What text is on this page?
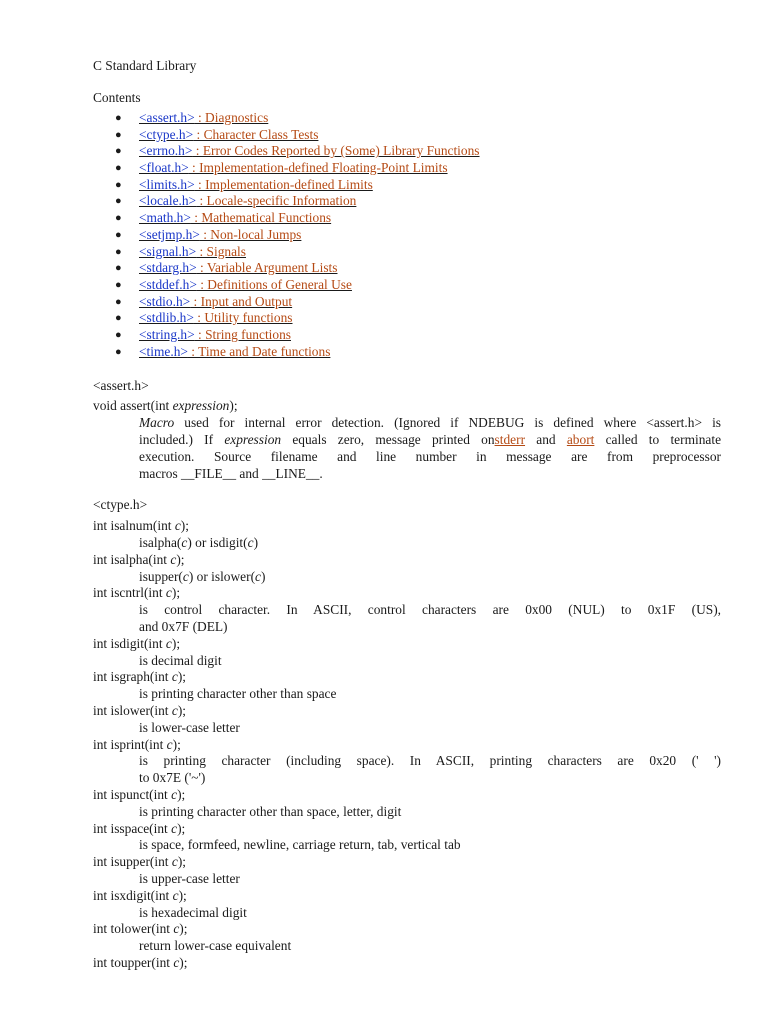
C Standard Library

Contents

● <assert.h> : Diagnostics
● <ctype.h> : Character Class Tests
● <errno.h> : Error Codes Reported by (Some) Library Functions
● <float.h> : Implementation-defined Floating-Point Limits
● <limits.h> : Implementation-defined Limits
● <locale.h> : Locale-specific Information
● <math.h> : Mathematical Functions
● <setjmp.h> : Non-local Jumps
● <signal.h> : Signals
● <stdarg.h> : Variable Argument Lists
● <stddef.h> : Definitions of General Use
● <stdio.h> : Input and Output
● <stdlib.h> : Utility functions
● <string.h> : String functions
● <time.h> : Time and Date functions

<assert.h>

void assert(int expression);

Macro used for internal error detection. (Ignored if NDEBUG is defined where <assert.h> is

included.) If expression equals zero, message printed onstderr and abort called to terminate

execution. Source filename and line number in message are from preprocessor

macros __FILE__ and __LINE__.

<ctype.h>

int isalnum(int c);

isalpha(c) or isdigit(c)

int isalpha(int c);

isupper(c) or islower(c)

int iscntrl(int c);

is control character. In ASCII, control characters are 0x00 (NUL) to 0x1F (US),

and 0x7F (DEL)

int isdigit(int c);

is decimal digit

int isgraph(int c);

is printing character other than space

int islower(int c);

is lower-case letter

int isprint(int c);

is printing character (including space). In ASCII, printing characters are 0x20 (' ')

to 0x7E ('~')

int ispunct(int c);

is printing character other than space, letter, digit

int isspace(int c);

is space, formfeed, newline, carriage return, tab, vertical tab

int isupper(int c);

is upper-case letter

int isxdigit(int c);

is hexadecimal digit

int tolower(int c);

return lower-case equivalent

int toupper(int c);
